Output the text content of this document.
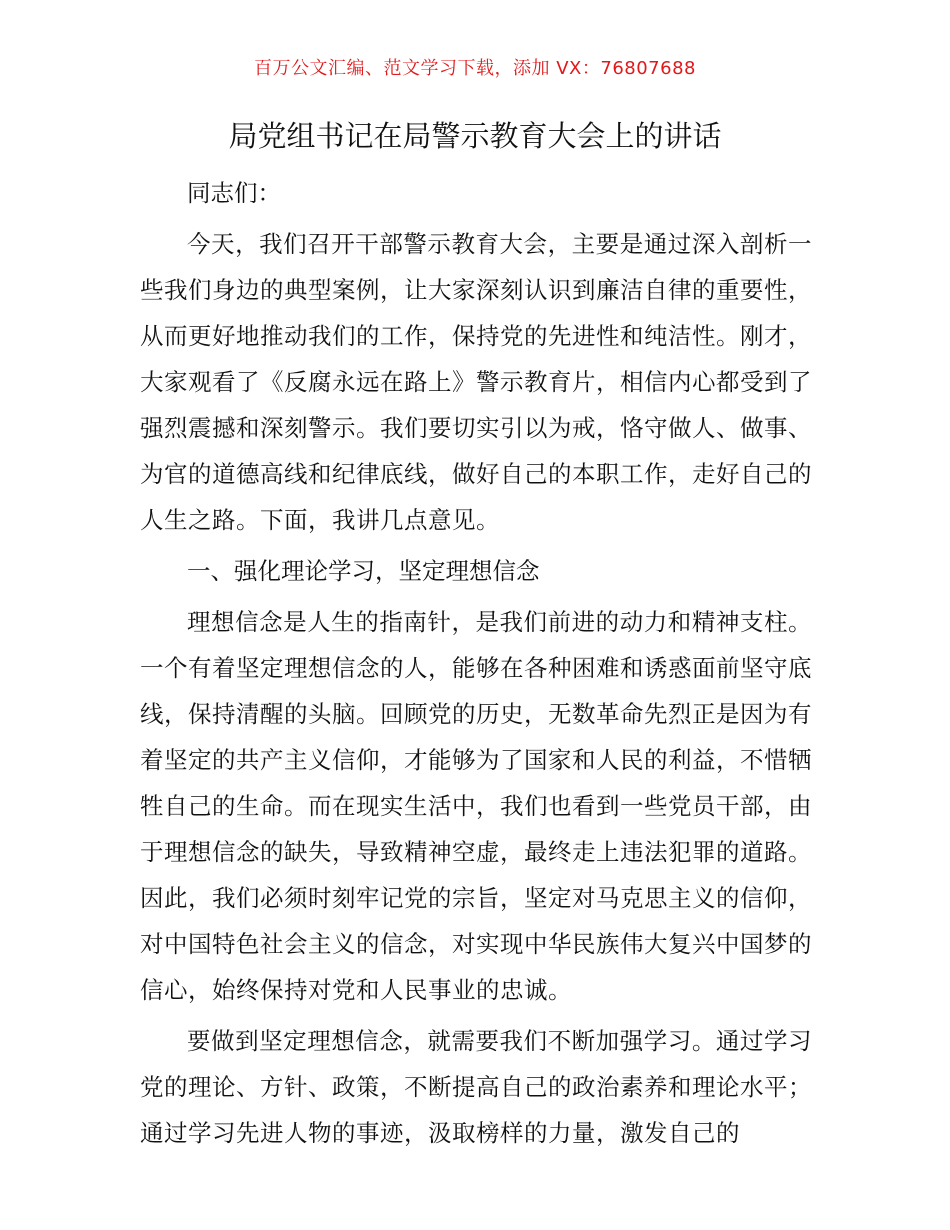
百万公文汇编、范文学习下载，添加 VX：76807688
局党组书记在局警示教育大会上的讲话

同志们：

今天，我们召开干部警示教育大会，主要是通过深入剖析一些我们身边的典型案例，让大家深刻认识到廉洁自律的重要性，从而更好地推动我们的工作，保持党的先进性和纯洁性。刚才，大家观看了《反腐永远在路上》警示教育片，相信内心都受到了强烈震撼和深刻警示。我们要切实引以为戒，恪守做人、做事、为官的道德高线和纪律底线，做好自己的本职工作，走好自己的人生之路。下面，我讲几点意见。

一、强化理论学习，坚定理想信念

理想信念是人生的指南针，是我们前进的动力和精神支柱。一个有着坚定理想信念的人，能够在各种困难和诱惑面前坚守底线，保持清醒的头脑。回顾党的历史，无数革命先烈正是因为有着坚定的共产主义信仰，才能够为了国家和人民的利益，不惜牺牲自己的生命。而在现实生活中，我们也看到一些党员干部，由于理想信念的缺失，导致精神空虚，最终走上违法犯罪的道路。因此，我们必须时刻牢记党的宗旨，坚定对马克思主义的信仰，对中国特色社会主义的信念，对实现中华民族伟大复兴中国梦的信心，始终保持对党和人民事业的忠诚。

要做到坚定理想信念，就需要我们不断加强学习。通过学习党的理论、方针、政策，不断提高自己的政治素养和理论水平；通过学习先进人物的事迹，汲取榜样的力量，激发自己的
